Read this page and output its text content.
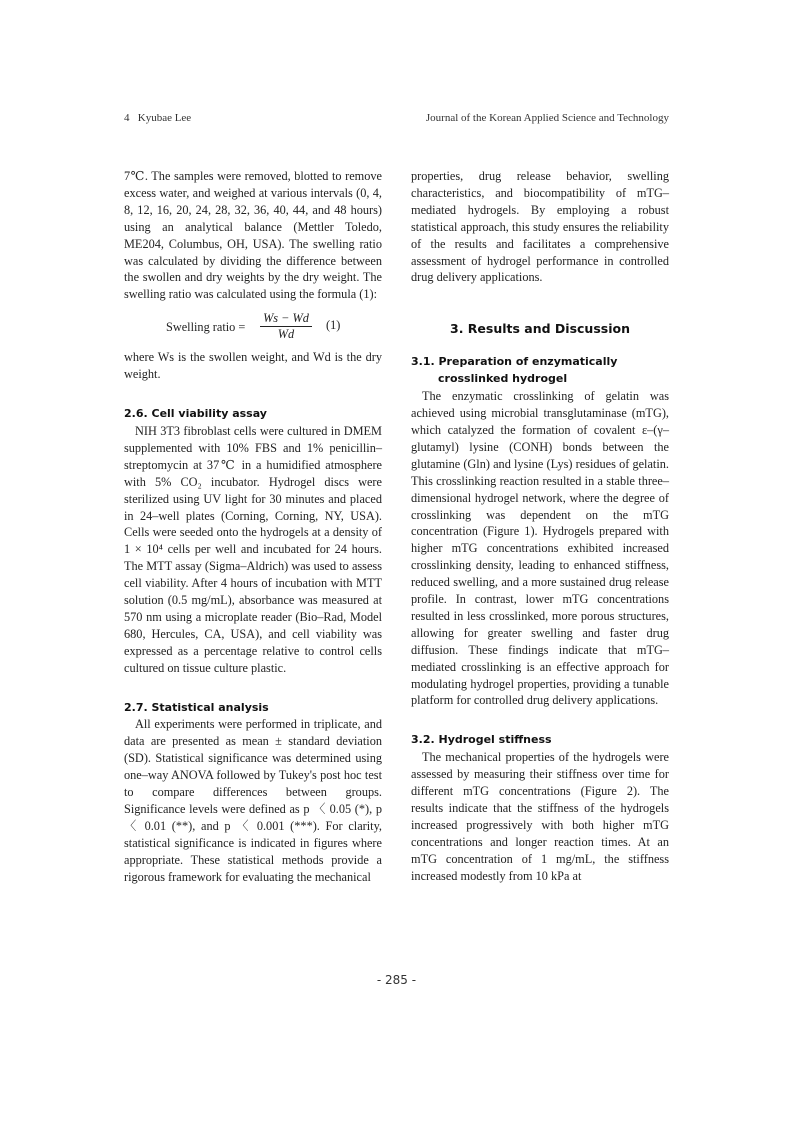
4 Kyubae Lee	Journal of the Korean Applied Science and Technology

7℃. The samples were removed, blotted to remove excess water, and weighed at various intervals (0, 4, 8, 12, 16, 20, 24, 28, 32, 36, 40, 44, and 48 hours) using an analytical balance (Mettler Toledo, ME204, Columbus, OH, USA). The swelling ratio was calculated by dividing the difference between the swollen and dry weights by the dry weight. The swelling ratio was calculated using the formula (1):

Swelling ratio = $\frac{Ws - Wd}{Wd} (1)$

where Ws is the swollen weight, and Wd is the dry weight.

2.6. Cell viability assay

NIH 3T3 fibroblast cells were cultured in DMEM supplemented with 10% FBS and 1% penicillin–streptomycin at 37℃ in a humidified atmosphere with 5% CO₂ incubator. Hydrogel discs were sterilized using UV light for 30 minutes and placed in 24–well plates (Corning, Corning, NY, USA). Cells were seeded onto the hydrogels at a density of 1 × 10⁴ cells per well and incubated for 24 hours. The MTT assay (Sigma–Aldrich) was used to assess cell viability. After 4 hours of incubation with MTT solution (0.5 mg/mL), absorbance was measured at 570 nm using a microplate reader (Bio–Rad, Model 680, Hercules, CA, USA), and cell viability was expressed as a percentage relative to control cells cultured on tissue culture plastic.

2.7. Statistical analysis

All experiments were performed in triplicate, and data are presented as mean ± standard deviation (SD). Statistical significance was determined using one–way ANOVA followed by Tukey's post hoc test to compare differences between groups. Significance levels were defined as p 〈 0.05 (*), p 〈 0.01 (**), and p 〈 0.001 (***). For clarity, statistical significance is indicated in figures where appropriate. These statistical methods provide a rigorous framework for evaluating the mechanical

properties, drug release behavior, swelling characteristics, and biocompatibility of mTG–mediated hydrogels. By employing a robust statistical approach, this study ensures the reliability of the results and facilitates a comprehensive assessment of hydrogel performance in controlled drug delivery applications.

3. Results and Discussion
3.1. Preparation of enzymatically
crosslinked hydrogel

The enzymatic crosslinking of gelatin was achieved using microbial transglutaminase (mTG), which catalyzed the formation of covalent ε–(γ–glutamyl) lysine (CONH) bonds between the glutamine (Gln) and lysine (Lys) residues of gelatin. This crosslinking reaction resulted in a stable three–dimensional hydrogel network, where the degree of crosslinking was dependent on the mTG concentration (Figure 1). Hydrogels prepared with higher mTG concentrations exhibited increased crosslinking density, leading to enhanced stiffness, reduced swelling, and a more sustained drug release profile. In contrast, lower mTG concentrations resulted in less crosslinked, more porous structures, allowing for greater swelling and faster drug diffusion. These findings indicate that mTG–mediated crosslinking is an effective approach for modulating hydrogel properties, providing a tunable platform for controlled drug delivery applications.

3.2. Hydrogel stiffness

The mechanical properties of the hydrogels were assessed by measuring their stiffness over time for different mTG concentrations (Figure 2). The results indicate that the stiffness of the hydrogels increased progressively with both higher mTG concentrations and longer reaction times. At an mTG concentration of 1 mg/mL, the stiffness increased modestly from 10 kPa at

- 285 -
